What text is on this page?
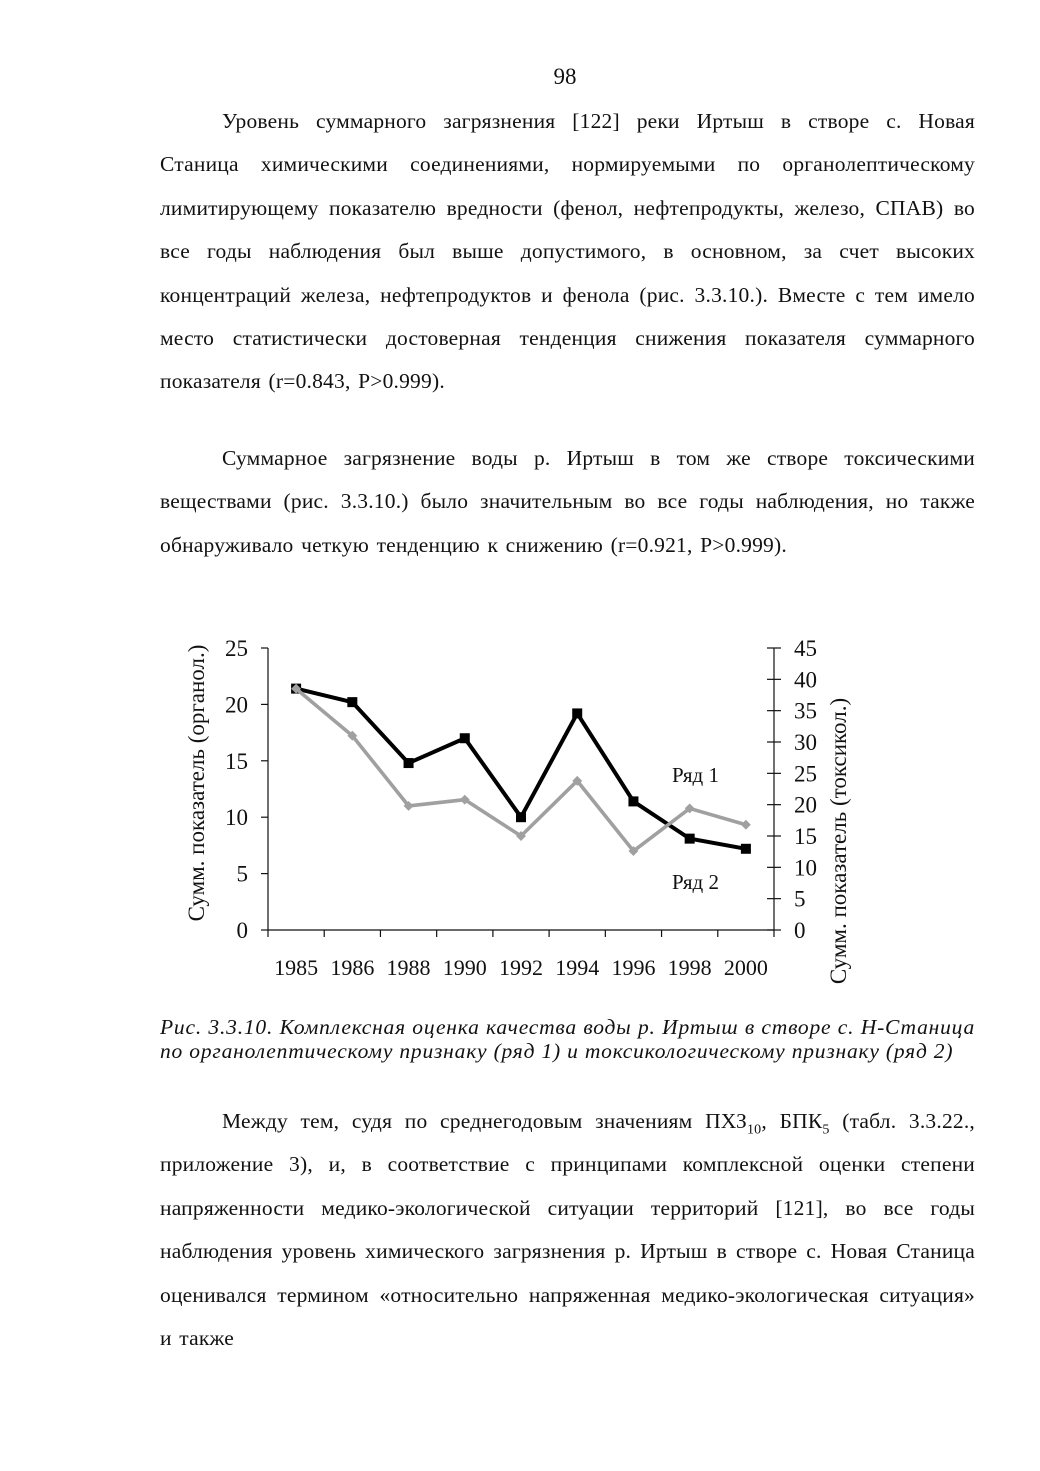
98

Уровень суммарного загрязнения [122] реки Иртыш в створе с. Новая Станица химическими соединениями, нормируемыми по органолептическому лимитирующему показателю вредности (фенол, нефтепродукты, железо, СПАВ) во все годы наблюдения был выше допустимого, в основном, за счет высоких концентраций железа, нефтепродуктов и фенола (рис. 3.3.10.). Вместе с тем имело место статистически достоверная тенденция снижения показателя суммарного показателя (r=0.843, P>0.999).

Суммарное загрязнение воды р. Иртыш в том же створе токсическими веществами (рис. 3.3.10.) было значительным во все годы наблюдения, но также обнаруживало четкую тенденцию к снижению (r=0.921, P>0.999).

0
5
10
15
20
25
0
5
10
15
20
25
30
35
40
45
1985 1986 1988 1990 1992 1994 1996 1998 2000
Сумм. показатель (органол.)	Сумм. показатель (токсикол.)
Ряд 1
Ряд 2

Рис. 3.3.10. Комплексная оценка качества воды р. Иртыш в створе с. Н-Станица по органолептическому признаку (ряд 1) и токсикологическому признаку (ряд 2)

Между тем, судя по среднегодовым значениям $ПХЗ_{10}$, $БПК_5$ (табл. 3.3.22., приложение 3), и, в соответствие с принципами комплексной оценки степени напряженности медико-экологической ситуации территорий [121], во все годы наблюдения уровень химического загрязнения р. Иртыш в створе с. Новая Станица оценивался термином «относительно напряженная медико-экологическая ситуация» и также
